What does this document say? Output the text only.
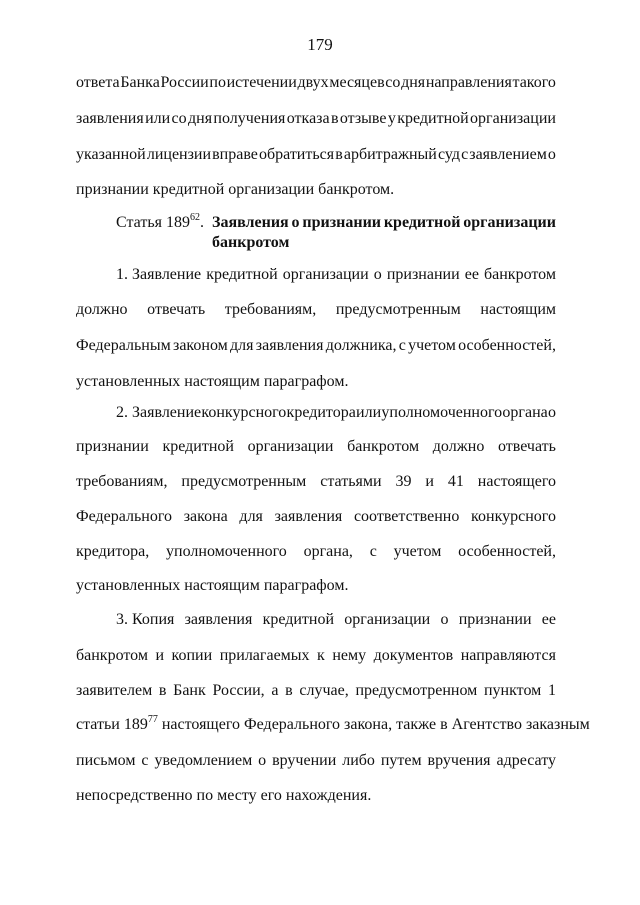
179
ответа Банка России по истечении двух месяцев со дня направления такого
заявления или со дня получения отказа в отзыве у кредитной организации
указанной лицензии вправе обратиться в арбитражный суд с заявлением о
признании кредитной организации банкротом.
Статья $189^{62}$. Заявления о признании кредитной организации
банкротом
1. Заявление кредитной организации о признании ее банкротом
должно отвечать требованиям, предусмотренным настоящим
Федеральным законом для заявления должника, с учетом особенностей,
установленных настоящим параграфом.
2. Заявление конкурсного кредитора или уполномоченного органа о
признании кредитной организации банкротом должно отвечать
требованиям, предусмотренным статьями 39 и 41 настоящего
Федерального закона для заявления соответственно конкурсного
кредитора, уполномоченного органа, с учетом особенностей,
установленных настоящим параграфом.
3. Копия заявления кредитной организации о признании ее
банкротом и копии прилагаемых к нему документов направляются
заявителем в Банк России, а в случае, предусмотренном пунктом 1
статьи $189^{77}$ настоящего Федерального закона, также в Агентство заказным
письмом с уведомлением о вручении либо путем вручения адресату
непосредственно по месту его нахождения.
